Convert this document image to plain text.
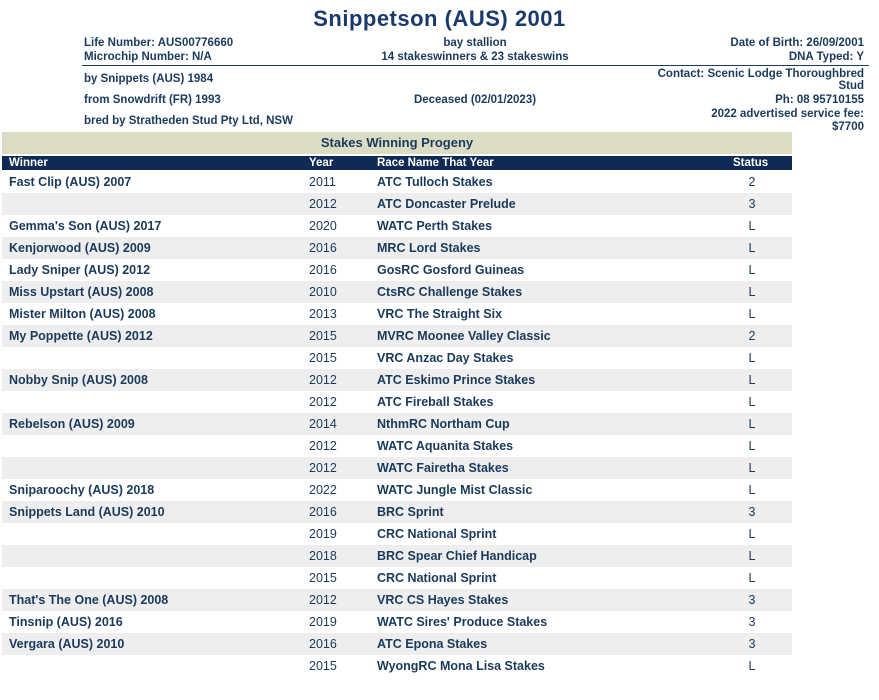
Snippetson (AUS) 2001
Life Number: AUS00776660
Microchip Number: N/A
bay stallion
14 stakeswinners & 23 stakeswins
Date of Birth: 26/09/2001
DNA Typed: Y
by Snippets (AUS) 1984
from Snowdrift (FR) 1993
bred by Stratheden Stud Pty Ltd, NSW
Deceased (02/01/2023)
Contact: Scenic Lodge Thoroughbred
Stud
Ph: 08 95710155
2022 advertised service fee:
$7700
Stakes Winning Progeny
Winner	Year	Race Name That Year	Status
Fast Clip (AUS) 2007	2011	ATC Tulloch Stakes	2
2012	ATC Doncaster Prelude	3
Gemma's Son (AUS) 2017	2020	WATC Perth Stakes	L
Kenjorwood (AUS) 2009	2016	MRC Lord Stakes	L
Lady Sniper (AUS) 2012	2016	GosRC Gosford Guineas	L
Miss Upstart (AUS) 2008	2010	CtsRC Challenge Stakes	L
Mister Milton (AUS) 2008	2013	VRC The Straight Six	L
My Poppette (AUS) 2012	2015	MVRC Moonee Valley Classic	2
2015	VRC Anzac Day Stakes	L
Nobby Snip (AUS) 2008	2012	ATC Eskimo Prince Stakes	L
2012	ATC Fireball Stakes	L
Rebelson (AUS) 2009	2014	NthmRC Northam Cup	L
2012	WATC Aquanita Stakes	L
2012	WATC Fairetha Stakes	L
Sniparoochy (AUS) 2018	2022	WATC Jungle Mist Classic	L
Snippets Land (AUS) 2010	2016	BRC Sprint	3
2019	CRC National Sprint	L
2018	BRC Spear Chief Handicap	L
2015	CRC National Sprint	L
That's The One (AUS) 2008	2012	VRC CS Hayes Stakes	3
Tinsnip (AUS) 2016	2019	WATC Sires' Produce Stakes	3
Vergara (AUS) 2010	2016	ATC Epona Stakes	3
2015	WyongRC Mona Lisa Stakes	L
